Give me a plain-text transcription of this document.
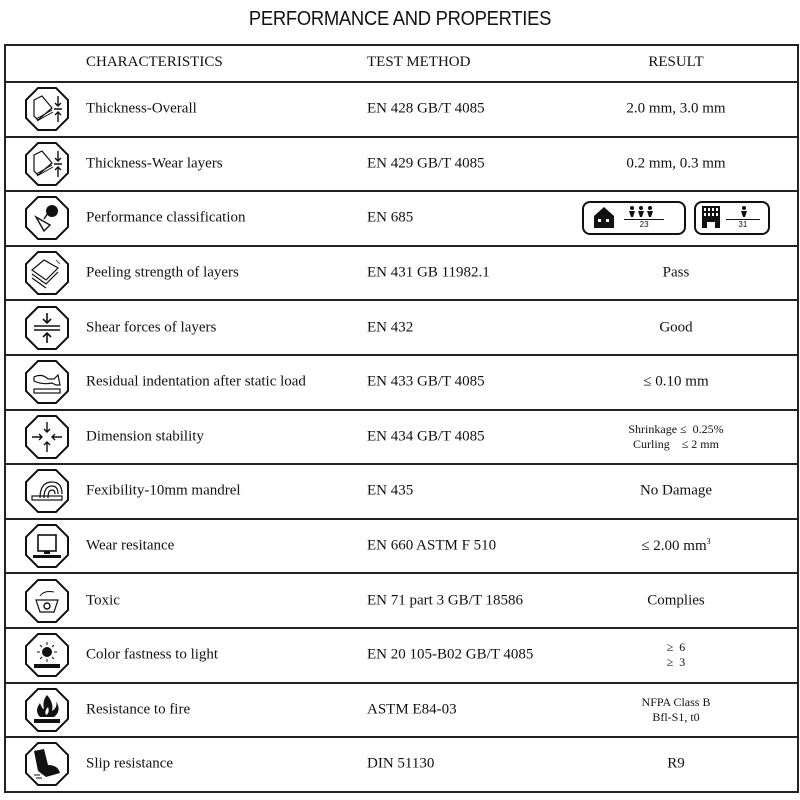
PERFORMANCE AND PROPERTIES
CHARACTERISTICS	TEST METHOD	RESULT
Thickness-Overall	EN 428 GB/T 4085	2.0 mm, 3.0 mm
Thickness-Wear layers	EN 429 GB/T 4085	0.2 mm, 0.3 mm
Performance classification	EN 685	23
	31
Peeling strength of layers	EN 431 GB 11982.1	Pass
Shear forces of layers	EN 432	Good
Residual indentation after static load	EN 433 GB/T 4085	≤ 0.10 mm
Dimension stability	EN 434 GB/T 4085	Shrinkage ≤  0.25%
Curling    ≤ 2 mm
Fexibility-10mm mandrel	EN 435	No Damage
Wear resitance	EN 660 ASTM F 510	≤ 2.00 $mm^3$
Toxic	EN 71 part 3 GB/T 18586	Complies
Color fastness to light	EN 20 105-B02 GB/T 4085	≥  6
≥  3
Resistance to fire	ASTM E84-03	NFPA Class B
Bfl-S1, t0
Slip resistance	DIN 51130	R9
